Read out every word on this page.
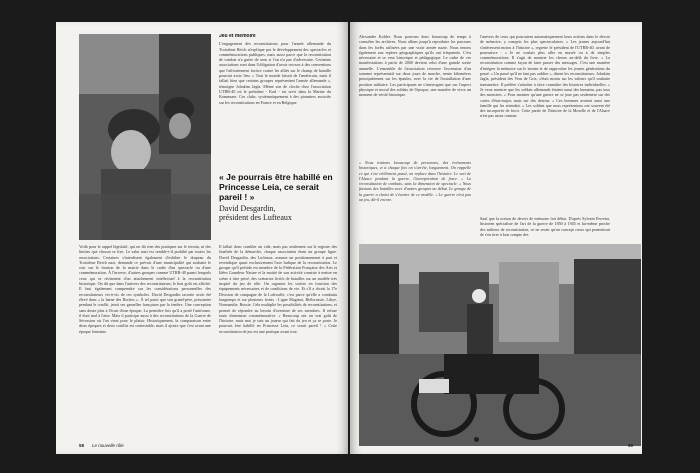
Jeu et mémoire

L'engagement des reconstituteurs pour l'armée allemande du Troisième Reich n'explique par le développement des spectacles et commémorations publiques, mais aussi parce que la reconstitution de combat n'a guère de sens si l'on n'a pas d'adversaire. Certaines associations sont dans l'obligation d'avoir recours à des conventions que l'affrontement factice contre les alliés sur le champ de bataille pourrait avoir lieu. « Tout le monde faisait de l'américain, mais il fallait bien que certains groupes représentent l'armée allemande », témoigne Johakim Jagla. Même son de cloche chez l'association UTRR-40 où le président - Karl - est servi dans la Marine du Kommune. Ces clubs, systématiquement à des pionniers associés sur les reconstitutions en France et en Belgique.

« Je pourrais être habillé en Princesse Leia, ce serait pareil ! »
David Desgardin,
président des Lufteaux

Voilà pour le rappel législatif, qui ne dit rien des pratiques sur le terrain, ni des limites que chacun se fixe. Le salut nazi est semble-t-il prohibé par toutes les associations. Certaines s'interdisent également d'exhiber le drapeau du Troisième Reich nazi, demande ce prévoir d'une municipalité qui souhaite le voir sur le fronton de la mairie dans le cadre d'un spectacle ou d'une commémoration. À l'inverse, d'autres groupes comme UTRR-40 parmi lesquels ceux qui se réclament d'un attachement intellectuel à la reconstitution historique. On dit que dans l'univers des reconstituteurs, le bon goût est affiché. Il faut également comprendre sur les considérations personnelles des reconstituteurs vis-à-vis de ces symboles. David Desgardin raconte avoir été élevé dans « la haine des Boches ». À tel point que son grand-père, prisonnier pendant le conflit, jetait ses gamelles françaises par la fenêtre. Une conception sans doute plus à l'écart d'une époque. La première fois qu'il a porté l'uniforme, il était mal à l'aise. Mais il participe aussi à des reconstitutions de la Guerre de Sécession où l'on vient pour le plaisir. Historiquement, la comparaison entre deux époques et deux conflits est contestable, mais il ajoute que c'est avant une époque lointaine.

Il fallait donc combler un vide, mais pas seulement sur le registre des finalités de la démarche, chaque association étant un groupe ligue. David Desgardin, des Lufteaux, assume un positionnement à part et revendique quasi exclusivement l'axe ludique de la reconstitution. Le groupe qu'il préside est membre de la Fédération Française des Arts et Idées Grandeur Nature et la moitié de son activité consiste à mettre en scène à titre privé, des scénarios fictifs de batailles sur un modèle très inspiré du jeu de rôle. On organise les sorties en fonction des équipements nécessaires et de conditions de vie. Et s'il a choisi la 17e Division de campagne de la Luftwaffe, c'est parce qu'elle a combattu longtemps et sur plusieurs fronts : Ligne Maginot, Biélorussie, Libye, Normandie, Russie. Cela multiplie les possibilités de reconstitutions, et permet de répondre au besoin d'aventure de ses membres. Il refuse toute dimension commémorative. « Beaucoup ont un vrai goût de l'histoire, mais moi je suis un joueur qui fait du jeu et ça se porte. Je pourrais être habillé en Princesse Leia, ce serait pareil ! » Cette reconstitution de jeu est une pratique avant tout.

58 Le nouvelle rôle

Alexandre Kohler. Nous pouvons donc beaucoup de temps à consulter les archives. Nous allons jusqu'à reproduire les parcours dans les forêts utilisées par une vraie armée nazie. Nous tenons également aux repères géographiques qu'ils ont fréquentés. C'est nécessaire et se veut historique et pédagogique. Le cadre de ces manifestations à partir de 2000 devient celui d'une grande sortie annuelle. L'ensemble de l'association retrouve l'ascension d'un sommet représentatif sur deux jours de marche, trente kilomètres principalement sur les épaules, avec la vie de l'installation d'une position militaire. Les participants ne s'interrogent que sur l'aspect physique et moral des soldats de l'époque, une manière de vivre un moment de vérité historique.

« Nous traitons beaucoup de personnes, des événements historiques, et à chaque fois on s'arrête, longuement. On rappelle ce qui s'est réellement passé, on replace dans l'histoire. Le sort de l'Alsace pendant la guerre, l'incorporation de force. » La reconstitution de combats, sans la dimension de spectacle. « Nous faisions des batailles avec d'autres groupes au début. Le groupe de la guerre a choisi de s'écarter de ce modèle. » Le guerre n'est pas un jeu, dit-il encore.

l'univers de ceux qui pourraient automatiquement leurs actions dans le devoir de mémoire, y compris les plus spectaculaires. « Les jeunes aujourd'hui s'intéressent moins à l'histoire », regrette le président de l'UTRR-40, avant de poursuivre : « Je ne voulais plus aller en musée ou à de simples commémorations. Il s'agit de montrer les choses au-delà du livre. » La reconstitution comme façon de faire passer des messages. C'est une manière d'intégrer la mémoire sur le terrain et de rapprocher les jeunes générations du passé. « Un passé qu'il ne faut pas oublier », disent les reconstituteurs. Johakim Jagla, président des Veru de Grix, s'était moins sur les valeurs qu'il souhaite transmettre. Il préfère s'attacher à faire connaître des histoires individuelles. « Je veux montrer que les soldats allemands étaient aussi des humains, pas tous des monstres. » Pour montrer qu'une guerre ne se joue pas seulement sur des cartes d'état-major, mais sur des destins. « Ces hommes avaient aussi une famille qui les attendait. » Les soldats que nous représentons ont souvent été des incorporés de force. Cette partie de l'histoire de la Moselle et de l'Alsace n'est pas assez connue.

Sauf que la notion de devoir de mémoire fait débat. D'après Sylvain Ferreira, historien spécialiste de l'art de la guerre de 1850 à 1945 et lui-même proche des milieux de reconstitution, ce ne serait qu'un concept creux qui permettrait de s'en tirer à bon compte des

59
